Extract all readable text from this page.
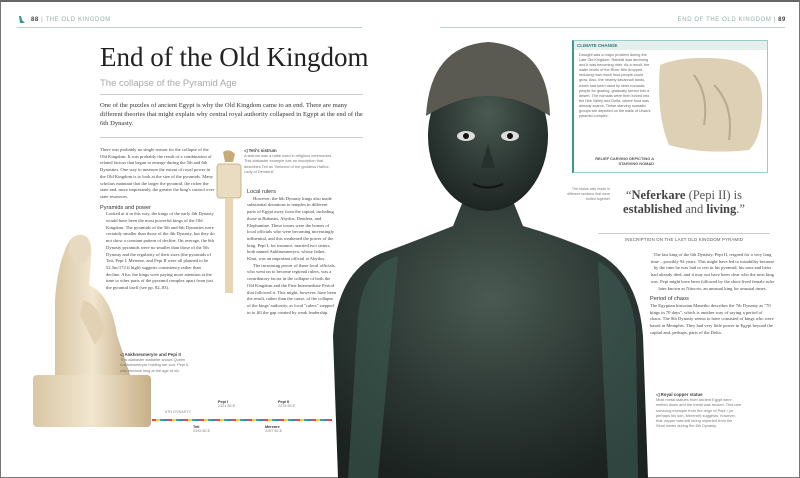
88 | THE OLD KINGDOM	END OF THE OLD KINGDOM | 89
End of the Old Kingdom
The collapse of the Pyramid Age
One of the puzzles of ancient Egypt is why the Old Kingdom came to an end. There are many different theories that might explain why central royal authority collapsed in Egypt at the end of the 6th Dynasty.

There was probably no single reason for the collapse of the Old Kingdom. It was probably the result of a combination of related factors that began to emerge during the 5th and 6th Dynasties. One way to measure the extent of royal power in the Old Kingdom is to look at the size of the pyramids. Many scholars maintain that the larger the pyramid, the richer the state and, more importantly, the greater the king's control over state resources.

Pyramids and power

Looked at it in this way, the kings of the early 4th Dynasty would have been the most powerful kings of the Old Kingdom. The pyramids of the 5th and 6th Dynasties were certainly smaller than those of the 4th Dynasty, but they do not show a constant pattern of decline. On average, the 6th Dynasty pyramids were no smaller than those of the 5th Dynasty and the regularity of their sizes (the pyramids of Teti, Pepi I, Merenre, and Pepi II were all planned to be 52.5m/172 ft high) suggests consistency rather than decline. Also, the kings were paying more attention at the time to other parts of the pyramid complex apart from just the pyramid itself (see pp. 82–83).

◁ Ankhnesmeryre and Pepi II
This alabaster statuette shows Queen Ankhnesmeryre holding her son, Pepi II, who became king at the age of six.
◁ Teti's sistrum
A sistrum was a rattle used in religious ceremonies. This alabaster example has an inscription that describes Teti as "Beloved of the goddess Hathor, Lady of Dendera".
Local rulers

However, the 6th Dynasty kings also made substantial donations to temples in different parts of Egypt away from the capital, including those at Bubastis, Abydos, Dendera, and Elephantine. These towns were the homes of local officials who were becoming increasingly influential, and this weakened the power of the king. Pepi I, for instance, married two sisters, both named Ankhnesmeryra, whose father, Khui, was an important official at Abydos.

The increasing power of these local officials, who went on to become regional rulers, was a contributory factor in the collapse of both the Old Kingdom and the First Intermediate Period that followed it. This might, however, have been the result, rather than the cause, of the collapse of the kings' authority, as local "rulers" stepped in to fill the gap created by weak leadership.

6TH DYNASTY
Teti
2345 BCE
Pepi I
2321 BCE
Merenre
2287 BCE
Pepi II
2278 BCE
The statue was made in different sections that were bolted together
CLIMATE CHANGE
Drought was a major problem during the Late Old Kingdom. Rainfall was declining and it was becoming drier. As a result, the water levels of the River Nile dropped, reducing how much food people could grow. Also, the nearby savannah lands, which had been used by semi-nomadic people for grazing, gradually turned into a desert. The nomads were then forced into the Nile Valley and Delta, where food was already scarce. These starving nomadic groups are depicted on the walls of Unas's pyramid complex.
RELIEF CARVING DEPICTING A STARVING NOMAD
“Neferkare (Pepi II) is established and living.”
INSCRIPTION ON THE LAST OLD KINGDOM PYRAMID

The last king of the 6th Dynasty, Pepi II, reigned for a very long time – possibly 94 years. This might have led to instability because by the time he was laid to rest in his pyramid, his sons and heirs had already died, and it may not have been clear who the next king was. Pepi might have been followed by the short-lived female ruler later known as Nitocris, an unusual king for unusual times.

Period of chaos

The Egyptian historian Manetho describes the 7th Dynasty as "70 kings in 70 days", which is another way of saying a period of chaos. The 8th Dynasty seems to have consisted of kings who were based in Memphis. They had very little power in Egypt beyond the capital and, perhaps, parts of the Delta.

◁ Royal copper statue
Most metal statues from ancient Egypt were melted down and the metal was reused. This rare surviving example from the reign of Pepi I (or perhaps his son, Merenre) suggests, however, that copper was still being imported from the Sinai mines during the 6th Dynasty.
